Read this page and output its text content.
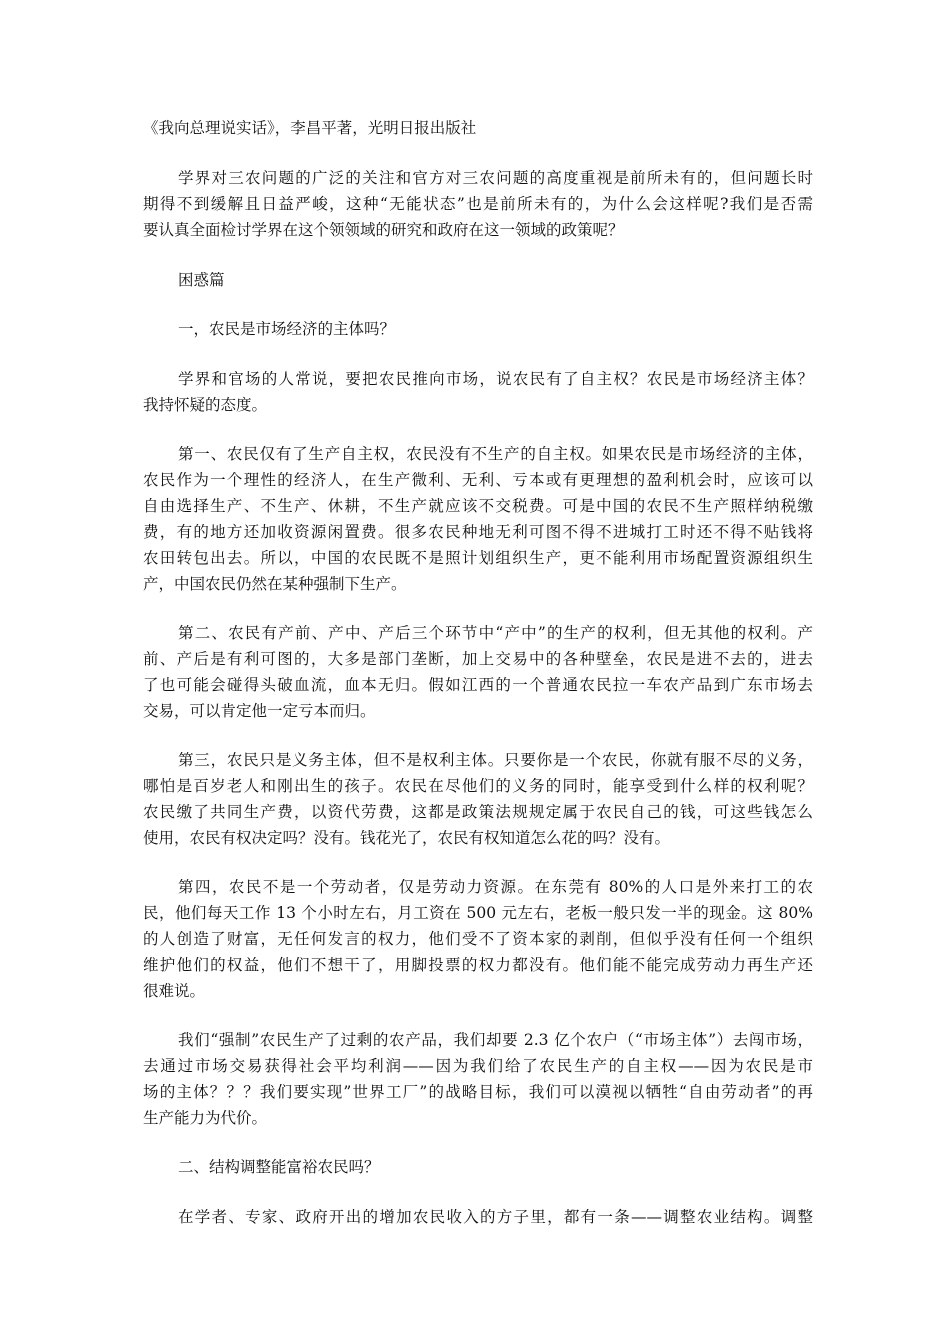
《我向总理说实话》，李昌平著，光明日报出版社
学界对三农问题的广泛的关注和官方对三农问题的高度重视是前所未有的，但问题长时
期得不到缓解且日益严峻，这种“无能状态”也是前所未有的，为什么会这样呢?我们是否需
要认真全面检讨学界在这个领领域的研究和政府在这一领域的政策呢？
困惑篇
一，农民是市场经济的主体吗？
学界和官场的人常说，要把农民推向市场，说农民有了自主权？农民是市场经济主体？
我持怀疑的态度。
第一、农民仅有了生产自主权，农民没有不生产的自主权。如果农民是市场经济的主体，
农民作为一个理性的经济人，在生产微利、无利、亏本或有更理想的盈利机会时，应该可以
自由选择生产、不生产、休耕，不生产就应该不交税费。可是中国的农民不生产照样纳税缴
费，有的地方还加收资源闲置费。很多农民种地无利可图不得不进城打工时还不得不贴钱将
农田转包出去。所以，中国的农民既不是照计划组织生产，更不能利用市场配置资源组织生
产，中国农民仍然在某种强制下生产。
第二、农民有产前、产中、产后三个环节中“产中”的生产的权利，但无其他的权利。产
前、产后是有利可图的，大多是部门垄断，加上交易中的各种壁垒，农民是进不去的，进去
了也可能会碰得头破血流，血本无归。假如江西的一个普通农民拉一车农产品到广东市场去
交易，可以肯定他一定亏本而归。
第三，农民只是义务主体，但不是权利主体。只要你是一个农民，你就有服不尽的义务，
哪怕是百岁老人和刚出生的孩子。农民在尽他们的义务的同时，能享受到什么样的权利呢？
农民缴了共同生产费，以资代劳费，这都是政策法规规定属于农民自己的钱，可这些钱怎么
使用，农民有权决定吗？没有。钱花光了，农民有权知道怎么花的吗？没有。
第四，农民不是一个劳动者，仅是劳动力资源。在东莞有 80%的人口是外来打工的农
民，他们每天工作 13 个小时左右，月工资在 500 元左右，老板一般只发一半的现金。这 80%
的人创造了财富，无任何发言的权力，他们受不了资本家的剥削，但似乎没有任何一个组织
维护他们的权益，他们不想干了，用脚投票的权力都没有。他们能不能完成劳动力再生产还
很难说。
我们“强制”农民生产了过剩的农产品，我们却要 2.3 亿个农户（“市场主体”）去闯市场，
去通过市场交易获得社会平均利润——因为我们给了农民生产的自主权——因为农民是市
场的主体？？？我们要实现”世界工厂”的战略目标，我们可以漠视以牺牲“自由劳动者”的再
生产能力为代价。
二、结构调整能富裕农民吗？
在学者、专家、政府开出的增加农民收入的方子里，都有一条——调整农业结构。调整
